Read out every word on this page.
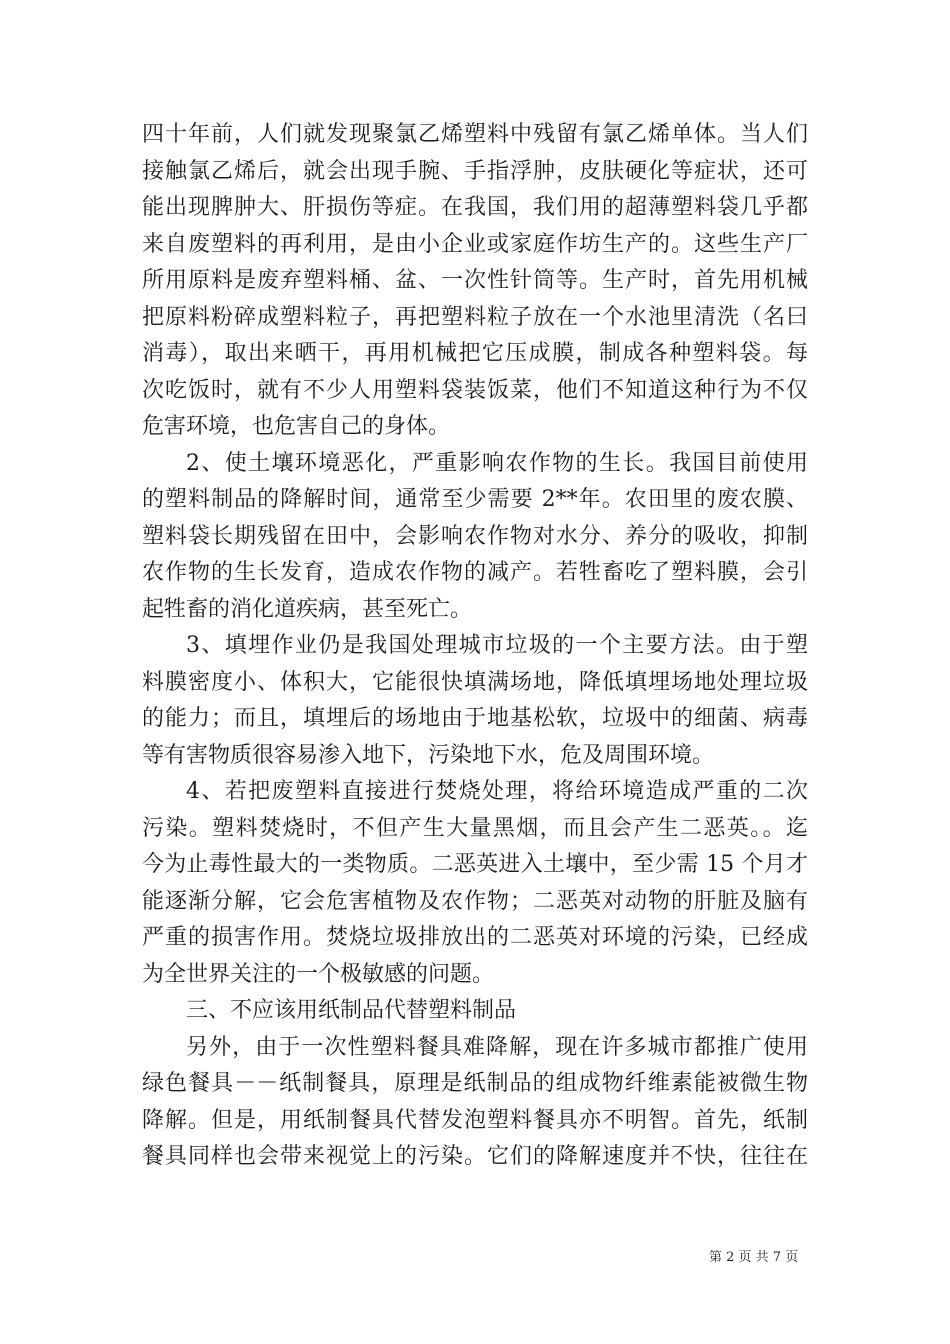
四十年前，人们就发现聚氯乙烯塑料中残留有氯乙烯单体。当人们
接触氯乙烯后，就会出现手腕、手指浮肿，皮肤硬化等症状，还可
能出现脾肿大、肝损伤等症。在我国，我们用的超薄塑料袋几乎都
来自废塑料的再利用，是由小企业或家庭作坊生产的。这些生产厂
所用原料是废弃塑料桶、盆、一次性针筒等。生产时，首先用机械
把原料粉碎成塑料粒子，再把塑料粒子放在一个水池里清洗（名曰
消毒），取出来晒干，再用机械把它压成膜，制成各种塑料袋。每
次吃饭时，就有不少人用塑料袋装饭菜，他们不知道这种行为不仅
危害环境，也危害自己的身体。
2、使土壤环境恶化，严重影响农作物的生长。我国目前使用
的塑料制品的降解时间，通常至少需要 2**年。农田里的废农膜、
塑料袋长期残留在田中，会影响农作物对水分、养分的吸收，抑制
农作物的生长发育，造成农作物的减产。若牲畜吃了塑料膜，会引
起牲畜的消化道疾病，甚至死亡。
3、填埋作业仍是我国处理城市垃圾的一个主要方法。由于塑
料膜密度小、体积大，它能很快填满场地，降低填埋场地处理垃圾
的能力；而且，填埋后的场地由于地基松软，垃圾中的细菌、病毒
等有害物质很容易渗入地下，污染地下水，危及周围环境。
4、若把废塑料直接进行焚烧处理，将给环境造成严重的二次
污染。塑料焚烧时，不但产生大量黑烟，而且会产生二恶英。。迄
今为止毒性最大的一类物质。二恶英进入土壤中，至少需 15 个月才
能逐渐分解，它会危害植物及农作物；二恶英对动物的肝脏及脑有
严重的损害作用。焚烧垃圾排放出的二恶英对环境的污染，已经成
为全世界关注的一个极敏感的问题。
三、不应该用纸制品代替塑料制品
另外，由于一次性塑料餐具难降解，现在许多城市都推广使用
绿色餐具－－纸制餐具，原理是纸制品的组成物纤维素能被微生物
降解。但是，用纸制餐具代替发泡塑料餐具亦不明智。首先，纸制
餐具同样也会带来视觉上的污染。它们的降解速度并不快，往往在
第 2 页 共 7 页
